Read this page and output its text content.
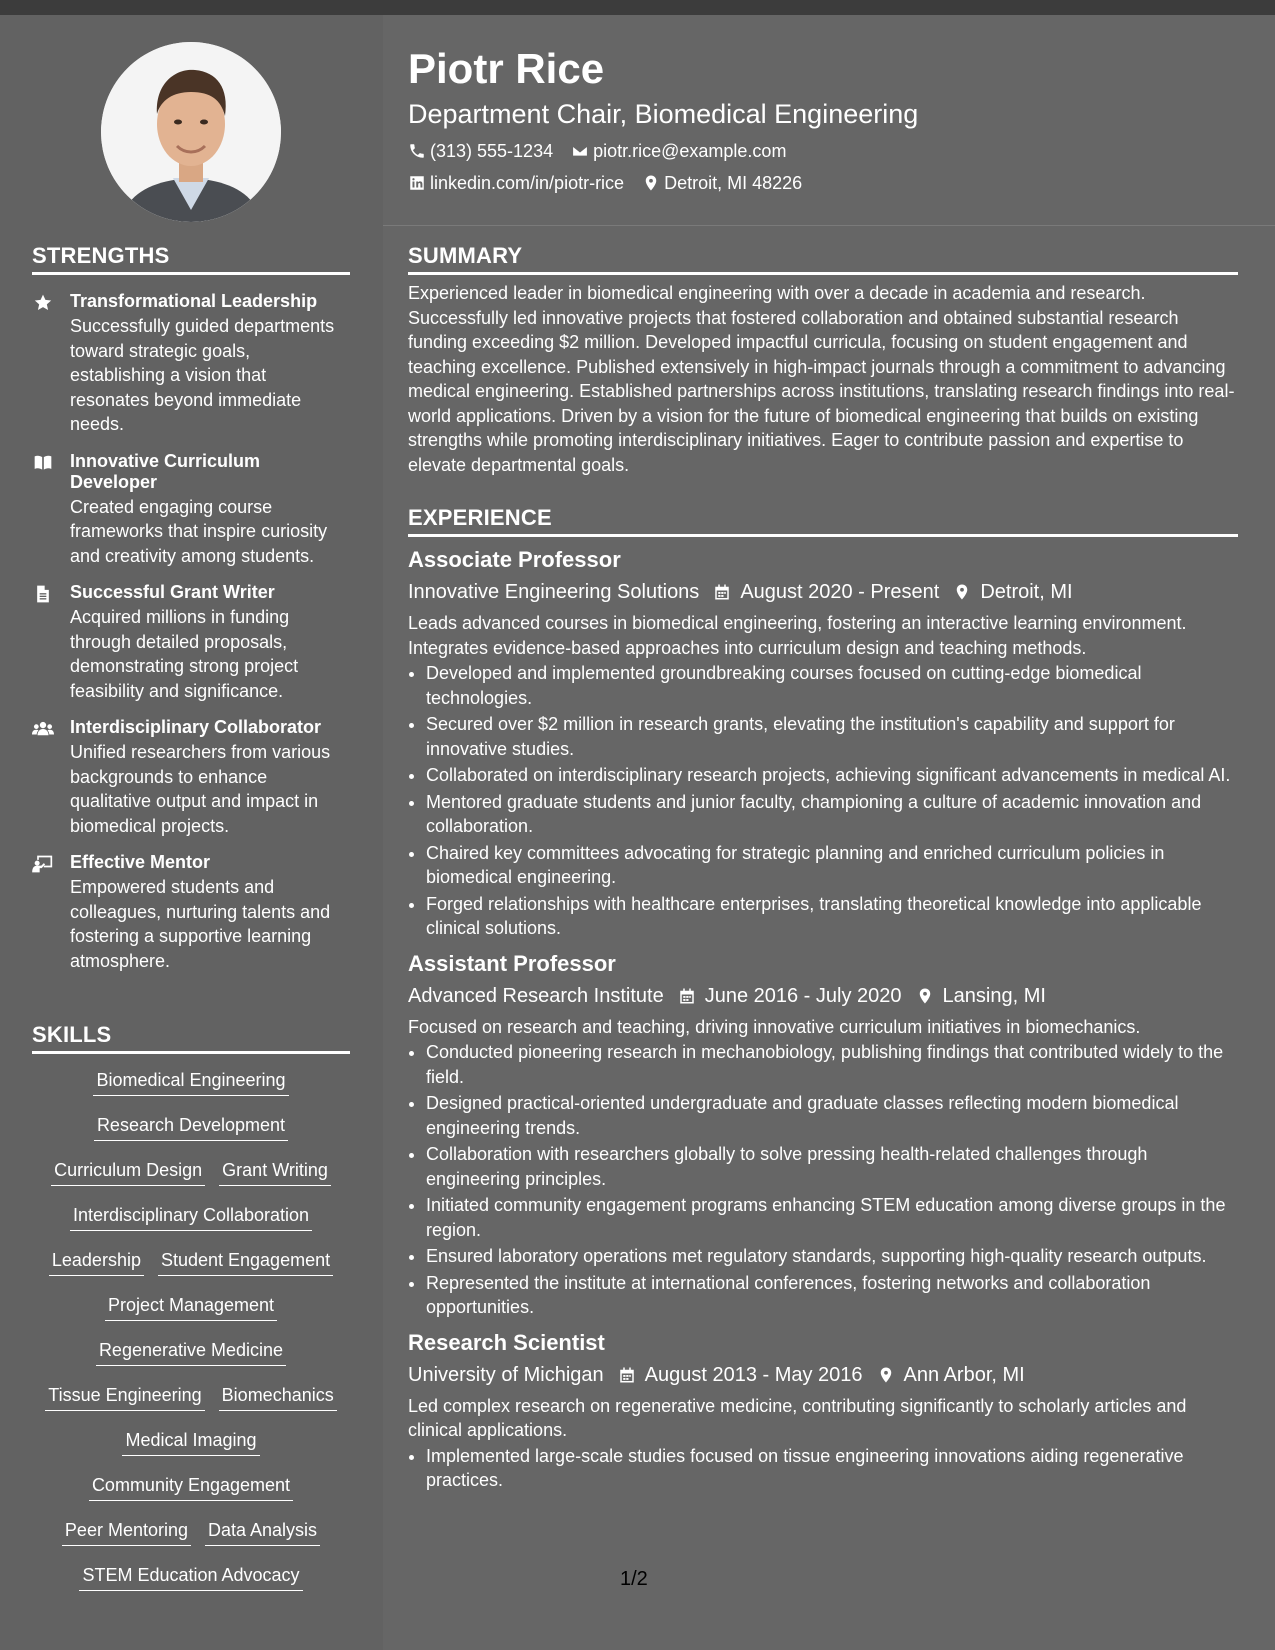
STRENGTHS
Transformational Leadership
Successfully guided departments toward strategic goals, establishing a vision that resonates beyond immediate needs.
Innovative Curriculum Developer
Created engaging course frameworks that inspire curiosity and creativity among students.
Successful Grant Writer
Acquired millions in funding through detailed proposals, demonstrating strong project feasibility and significance.
Interdisciplinary Collaborator
Unified researchers from various backgrounds to enhance qualitative output and impact in biomedical projects.
Effective Mentor
Empowered students and colleagues, nurturing talents and fostering a supportive learning atmosphere.
SKILLS
Biomedical Engineering
Research Development
Curriculum Design Grant Writing
Interdisciplinary Collaboration
Leadership Student Engagement
Project Management
Regenerative Medicine
Tissue Engineering Biomechanics
Medical Imaging
Community Engagement
Peer Mentoring Data Analysis
STEM Education Advocacy
Piotr Rice
Department Chair, Biomedical Engineering
(313) 555-1234 piotr.rice@example.com
linkedin.com/in/piotr-rice Detroit, MI 48226
SUMMARY

Experienced leader in biomedical engineering with over a decade in academia and research. Successfully led innovative projects that fostered collaboration and obtained substantial research funding exceeding $2 million. Developed impactful curricula, focusing on student engagement and teaching excellence. Published extensively in high-impact journals through a commitment to advancing medical engineering. Established partnerships across institutions, translating research findings into real-world applications. Driven by a vision for the future of biomedical engineering that builds on existing strengths while promoting interdisciplinary initiatives. Eager to contribute passion and expertise to elevate departmental goals.

EXPERIENCE
Associate Professor
Innovative Engineering Solutions August 2020 - Present Detroit, MI
Leads advanced courses in biomedical engineering, fostering an interactive learning environment. Integrates evidence-based approaches into curriculum design and teaching methods.
• Developed and implemented groundbreaking courses focused on cutting-edge biomedical technologies.
• Secured over $2 million in research grants, elevating the institution's capability and support for innovative studies.
• Collaborated on interdisciplinary research projects, achieving significant advancements in medical AI.
• Mentored graduate students and junior faculty, championing a culture of academic innovation and collaboration.
• Chaired key committees advocating for strategic planning and enriched curriculum policies in biomedical engineering.
• Forged relationships with healthcare enterprises, translating theoretical knowledge into applicable clinical solutions.
Assistant Professor
Advanced Research Institute June 2016 - July 2020 Lansing, MI
Focused on research and teaching, driving innovative curriculum initiatives in biomechanics.
• Conducted pioneering research in mechanobiology, publishing findings that contributed widely to the field.
• Designed practical-oriented undergraduate and graduate classes reflecting modern biomedical engineering trends.
• Collaboration with researchers globally to solve pressing health-related challenges through engineering principles.
• Initiated community engagement programs enhancing STEM education among diverse groups in the region.
• Ensured laboratory operations met regulatory standards, supporting high-quality research outputs.
• Represented the institute at international conferences, fostering networks and collaboration opportunities.
Research Scientist
University of Michigan August 2013 - May 2016 Ann Arbor, MI
Led complex research on regenerative medicine, contributing significantly to scholarly articles and clinical applications.
• Implemented large-scale studies focused on tissue engineering innovations aiding regenerative practices.
1/2
